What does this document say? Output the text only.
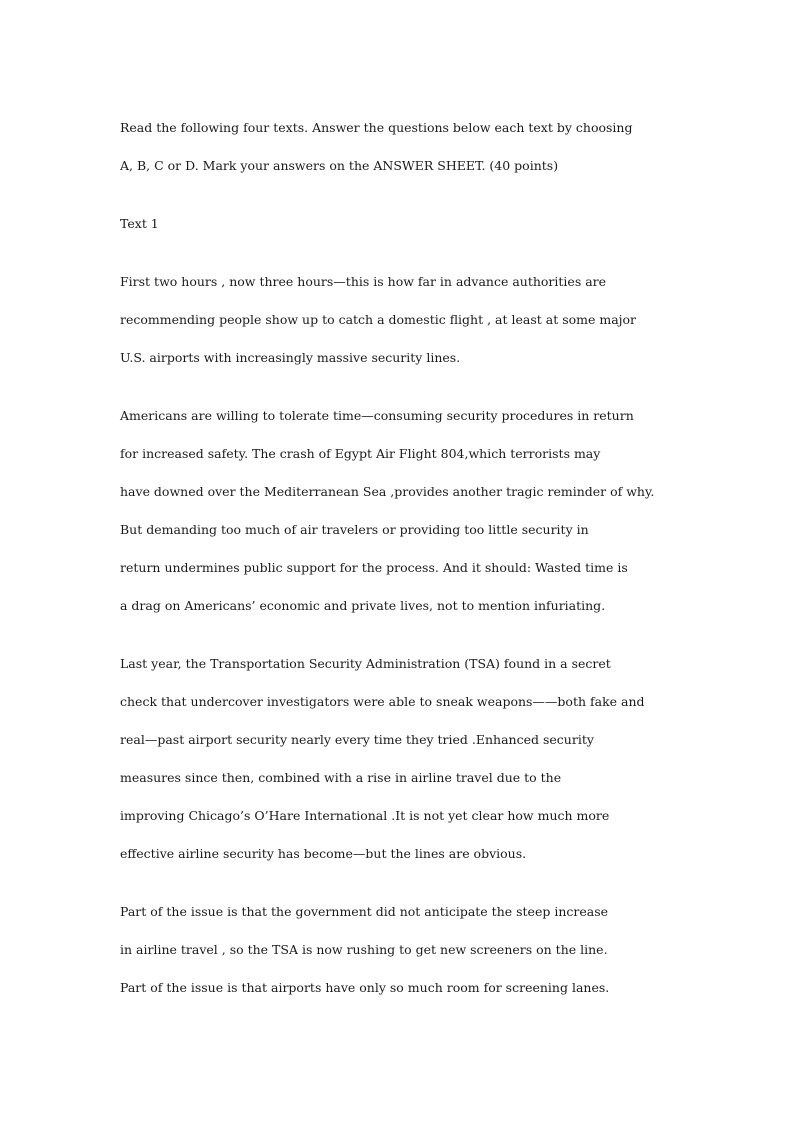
Read the following four texts. Answer the questions below each text by choosing
A, B, C or D. Mark your answers on the ANSWER SHEET. (40 points)
Text 1
First two hours , now three hours—this is how far in advance authorities are
recommending people show up to catch a domestic flight , at least at some major
U.S. airports with increasingly massive security lines.
Americans are willing to tolerate time—consuming security procedures in return
for increased safety. The crash of Egypt Air Flight 804,which terrorists may
have downed over the Mediterranean Sea ,provides another tragic reminder of why.
But demanding too much of air travelers or providing too little security in
return undermines public support for the process. And it should: Wasted time is
a drag on Americans’ economic and private lives, not to mention infuriating.
Last year, the Transportation Security Administration (TSA) found in a secret
check that undercover investigators were able to sneak weapons——both fake and
real—past airport security nearly every time they tried .Enhanced security
measures since then, combined with a rise in airline travel due to the
improving Chicago’s O’Hare International .It is not yet clear how much more
effective airline security has become—but the lines are obvious.
Part of the issue is that the government did not anticipate the steep increase
in airline travel , so the TSA is now rushing to get new screeners on the line.
Part of the issue is that airports have only so much room for screening lanes.
